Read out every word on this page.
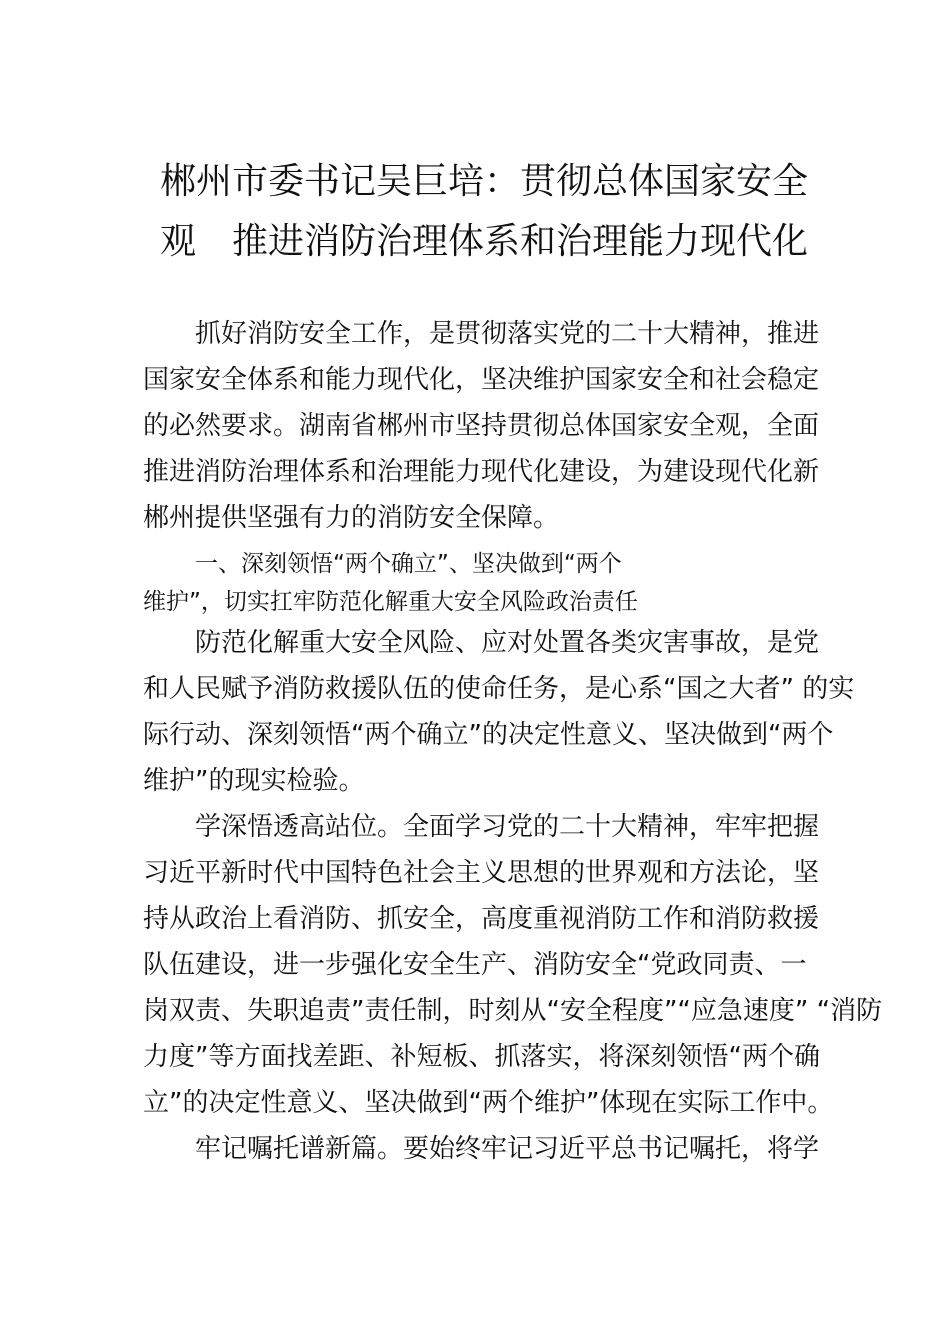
郴州市委书记吴巨培：贯彻总体国家安全
观　推进消防治理体系和治理能力现代化
抓好消防安全工作，是贯彻落实党的二十大精神，推进
国家安全体系和能力现代化，坚决维护国家安全和社会稳定
的必然要求。湖南省郴州市坚持贯彻总体国家安全观，全面
推进消防治理体系和治理能力现代化建设，为建设现代化新
郴州提供坚强有力的消防安全保障。
一、深刻领悟“两个确立”、坚决做到“两个
维护”，切实扛牢防范化解重大安全风险政治责任
防范化解重大安全风险、应对处置各类灾害事故，是党
和人民赋予消防救援队伍的使命任务，是心系“国之大者” 的实
际行动、深刻领悟“两个确立”的决定性意义、坚决做到“两个
维护”的现实检验。
学深悟透高站位。全面学习党的二十大精神，牢牢把握
习近平新时代中国特色社会主义思想的世界观和方法论，坚
持从政治上看消防、抓安全，高度重视消防工作和消防救援
队伍建设，进一步强化安全生产、消防安全“党政同责、一
岗双责、失职追责”责任制，时刻从“安全程度”“应急速度” “消防
力度”等方面找差距、补短板、抓落实，将深刻领悟“两个确
立”的决定性意义、坚决做到“两个维护”体现在实际工作中。
牢记嘱托谱新篇。要始终牢记习近平总书记嘱托，将学
